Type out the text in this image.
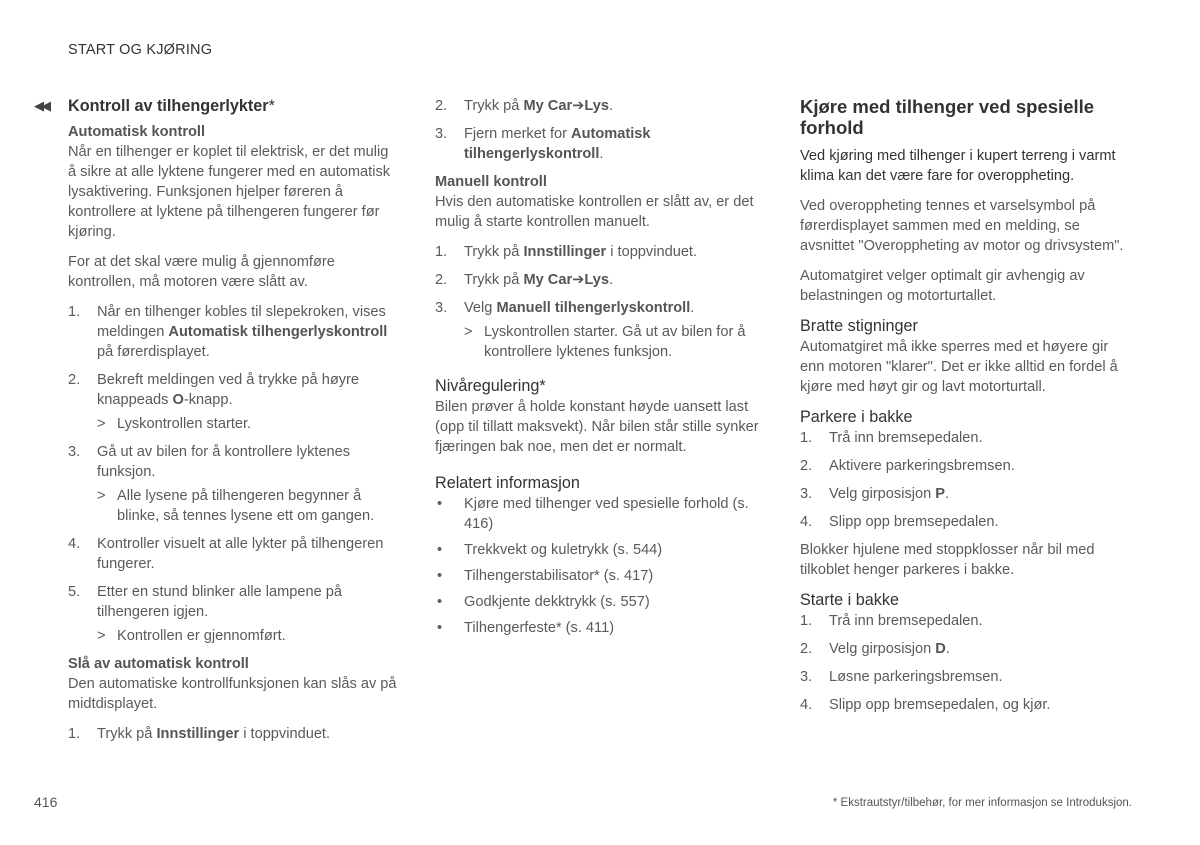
START OG KJØRING
◀◀ Kontroll av tilhengerlykter*
Automatisk kontroll

Når en tilhenger er koplet til elektrisk, er det mulig å sikre at alle lyktene fungerer med en automatisk lysaktivering. Funksjonen hjelper føreren å kontrollere at lyktene på tilhengeren fungerer før kjøring.

For at det skal være mulig å gjennomføre kontrollen, må motoren være slått av.

1. Når en tilhenger kobles til slepekroken, vises meldingen Automatisk tilhengerlyskontroll på førerdisplayet.
2. Bekreft meldingen ved å trykke på høyre knappeads O-knapp.
> Lyskontrollen starter.
3. Gå ut av bilen for å kontrollere lyktenes funksjon.
> Alle lysene på tilhengeren begynner å blinke, så tennes lysene ett om gangen.
4. Kontroller visuelt at alle lykter på tilhengeren fungerer.
5. Etter en stund blinker alle lampene på tilhengeren igjen.
> Kontrollen er gjennomført.
Slå av automatisk kontroll

Den automatiske kontrollfunksjonen kan slås av på midtdisplayet.

1. Trykk på Innstillinger i toppvinduet.
2. Trykk på My Car➔Lys.
3. Fjern merket for Automatisk tilhengerlyskontroll.
Manuell kontroll

Hvis den automatiske kontrollen er slått av, er det mulig å starte kontrollen manuelt.

1. Trykk på Innstillinger i toppvinduet.
2. Trykk på My Car➔Lys.
3. Velg Manuell tilhengerlyskontroll.
> Lyskontrollen starter. Gå ut av bilen for å kontrollere lyktenes funksjon.
Nivåregulering*

Bilen prøver å holde konstant høyde uansett last (opp til tillatt maksvekt). Når bilen står stille synker fjæringen bak noe, men det er normalt.

Relatert informasjon
• Kjøre med tilhenger ved spesielle forhold (s. 416)
• Trekkvekt og kuletrykk (s. 544)
• Tilhengerstabilisator* (s. 417)
• Godkjente dekktrykk (s. 557)
• Tilhengerfeste* (s. 411)
Kjøre med tilhenger ved spesielle forhold

Ved kjøring med tilhenger i kupert terreng i varmt klima kan det være fare for overoppheting.

Ved overoppheting tennes et varselsymbol på førerdisplayet sammen med en melding, se avsnittet "Overoppheting av motor og drivsystem".

Automatgiret velger optimalt gir avhengig av belastningen og motorturtallet.

Bratte stigninger

Automatgiret må ikke sperres med et høyere gir enn motoren "klarer". Det er ikke alltid en fordel å kjøre med høyt gir og lavt motorturtall.

Parkere i bakke
1. Trå inn bremsepedalen.
2. Aktivere parkeringsbremsen.
3. Velg girposisjon P.
4. Slipp opp bremsepedalen.

Blokker hjulene med stoppklosser når bil med tilkoblet henger parkeres i bakke.

Starte i bakke
1. Trå inn bremsepedalen.
2. Velg girposisjon D.
3. Løsne parkeringsbremsen.
4. Slipp opp bremsepedalen, og kjør.
416	* Ekstrautstyr/tilbehør, for mer informasjon se Introduksjon.
